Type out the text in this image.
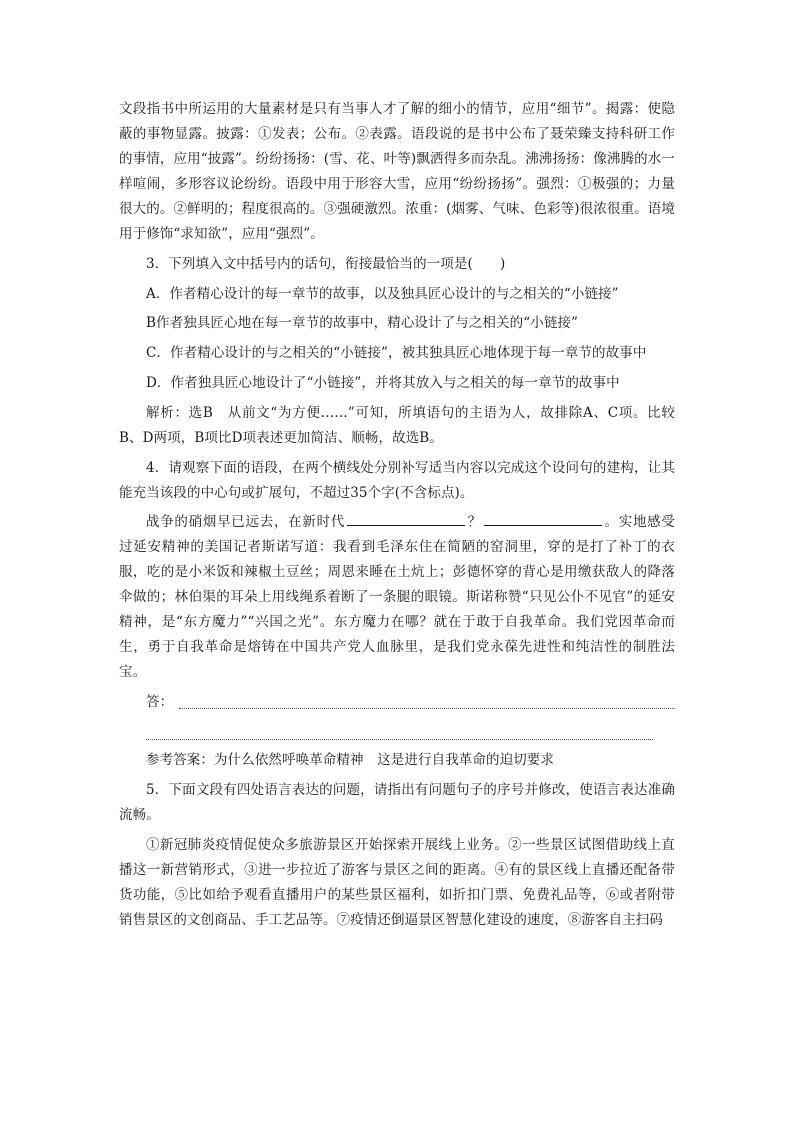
文段指书中所运用的大量素材是只有当事人才了解的细小的情节，应用“细节”。揭露：使隐蔽的事物显露。披露：①发表；公布。②表露。语段说的是书中公布了聂荣臻支持科研工作的事情，应用“披露”。纷纷扬扬：(雪、花、叶等)飘洒得多而杂乱。沸沸扬扬：像沸腾的水一样喧闹，多形容议论纷纷。语段中用于形容大雪，应用“纷纷扬扬”。强烈：①极强的；力量很大的。②鲜明的；程度很高的。③强硬激烈。浓重：(烟雾、气味、色彩等)很浓很重。语境用于修饰“求知欲”，应用“强烈”。

3．下列填入文中括号内的话句，衔接最恰当的一项是(　　)

A．作者精心设计的每一章节的故事，以及独具匠心设计的与之相关的“小链接”

B作者独具匠心地在每一章节的故事中，精心设计了与之相关的“小链接”

C．作者精心设计的与之相关的“小链接”，被其独具匠心地体现于每一章节的故事中

D．作者独具匠心地设计了“小链接”，并将其放入与之相关的每一章节的故事中

解析：选B　从前文“为方便……”可知，所填语句的主语为人，故排除A、C项。比较B、D两项，B项比D项表述更加简洁、顺畅，故选B。

4．请观察下面的语段，在两个横线处分别补写适当内容以完成这个设问句的建构，让其能充当该段的中心句或扩展句，不超过35个字(不含标点)。

战争的硝烟早已远去，在新时代	？	。实地感受过延安精神的美国记者斯诺写道：我看到毛泽东住在简陋的窑洞里，穿的是打了补丁的衣服，吃的是小米饭和辣椒土豆丝；周恩来睡在土炕上；彭德怀穿的背心是用缴获敌人的降落伞做的；林伯渠的耳朵上用线绳系着断了一条腿的眼镜。斯诺称赞“只见公仆不见官”的延安精神，是“东方魔力”“兴国之光”。东方魔力在哪？就在于敢于自我革命。我们党因革命而生，勇于自我革命是熔铸在中国共产党人血脉里，是我们党永葆先进性和纯洁性的制胜法宝。

答：

参考答案：为什么依然呼唤革命精神　这是进行自我革命的迫切要求

5．下面文段有四处语言表达的问题，请指出有问题句子的序号并修改，使语言表达准确流畅。

①新冠肺炎疫情促使众多旅游景区开始探索开展线上业务。②一些景区试图借助线上直播这一新营销形式，③进一步拉近了游客与景区之间的距离。④有的景区线上直播还配备带货功能，⑤比如给予观看直播用户的某些景区福利，如折扣门票、免费礼品等，⑥或者附带销售景区的文创商品、手工艺品等。⑦疫情还倒逼景区智慧化建设的速度，⑧游客自主扫码
